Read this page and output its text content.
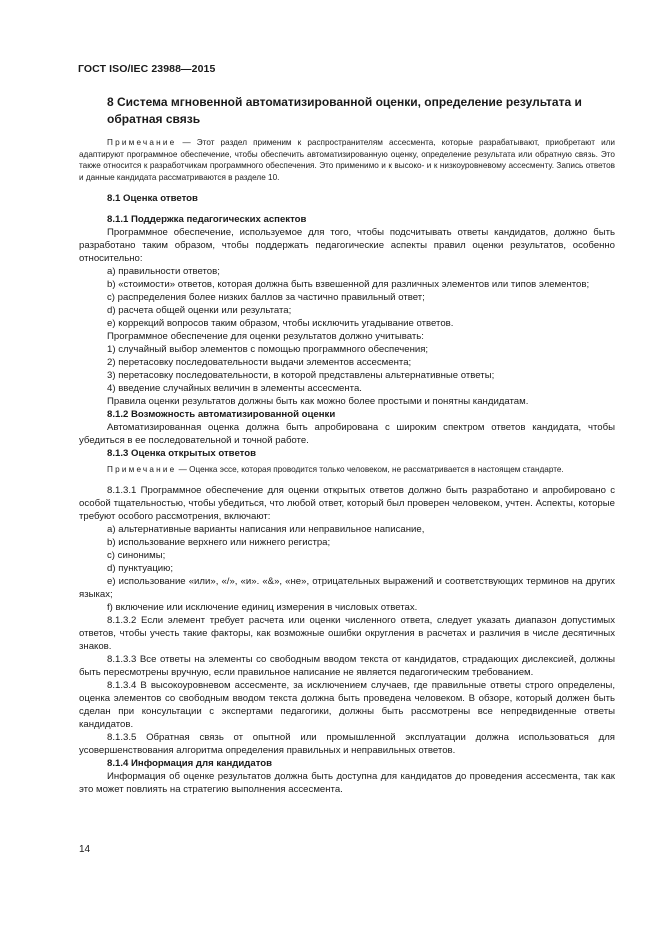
ГОСТ ISO/IEC 23988—2015
8 Система мгновенной автоматизированной оценки, определение результата и обратная связь
Примечание — Этот раздел применим к распространителям ассесмента, которые разрабатывают, приобретают или адаптируют программное обеспечение, чтобы обеспечить автоматизированную оценку, определение результата или обратную связь. Это также относится к разработчикам программного обеспечения. Это применимо и к высоко- и к низкоуровневому ассесменту. Запись ответов и данные кандидата рассматриваются в разделе 10.
8.1 Оценка ответов
8.1.1 Поддержка педагогических аспектов

Программное обеспечение, используемое для того, чтобы подсчитывать ответы кандидатов, должно быть разработано таким образом, чтобы поддержать педагогические аспекты правил оценки результатов, особенно относительно:

a) правильности ответов;

b) «стоимости» ответов, которая должна быть взвешенной для различных элементов или типов элементов;

c) распределения более низких баллов за частично правильный ответ;

d) расчета общей оценки или результата;

e) коррекций вопросов таким образом, чтобы исключить угадывание ответов.

Программное обеспечение для оценки результатов должно учитывать:

1) случайный выбор элементов с помощью программного обеспечения;

2) перетасовку последовательности выдачи элементов ассесмента;

3) перетасовку последовательности, в которой представлены альтернативные ответы;

4) введение случайных величин в элементы ассесмента.

Правила оценки результатов должны быть как можно более простыми и понятны кандидатам.

8.1.2 Возможность автоматизированной оценки

Автоматизированная оценка должна быть апробирована с широким спектром ответов кандидата, чтобы убедиться в ее последовательной и точной работе.

8.1.3 Оценка открытых ответов
Примечание — Оценка эссе, которая проводится только человеком, не рассматривается в настоящем стандарте.

8.1.3.1 Программное обеспечение для оценки открытых ответов должно быть разработано и апробировано с особой тщательностью, чтобы убедиться, что любой ответ, который был проверен человеком, учтен. Аспекты, которые требуют особого рассмотрения, включают:

a) альтернативные варианты написания или неправильное написание,

b) использование верхнего или нижнего регистра;

c) синонимы;

d) пунктуацию;

e) использование «или», «/», «и». «&», «не», отрицательных выражений и соответствующих терминов на других языках;

f) включение или исключение единиц измерения в числовых ответах.

8.1.3.2 Если элемент требует расчета или оценки численного ответа, следует указать диапазон допустимых ответов, чтобы учесть такие факторы, как возможные ошибки округления в расчетах и различия в числе десятичных знаков.

8.1.3.3 Все ответы на элементы со свободным вводом текста от кандидатов, страдающих дислексией, должны быть пересмотрены вручную, если правильное написание не является педагогическим требованием.

8.1.3.4 В высокоуровневом ассесменте, за исключением случаев, где правильные ответы строго определены, оценка элементов со свободным вводом текста должна быть проведена человеком. В обзоре, который должен быть сделан при консультации с экспертами педагогики, должны быть рассмотрены все непредвиденные ответы кандидатов.

8.1.3.5 Обратная связь от опытной или промышленной эксплуатации должна использоваться для усовершенствования алгоритма определения правильных и неправильных ответов.

8.1.4 Информация для кандидатов

Информация об оценке результатов должна быть доступна для кандидатов до проведения ассесмента, так как это может повлиять на стратегию выполнения ассесмента.

14
